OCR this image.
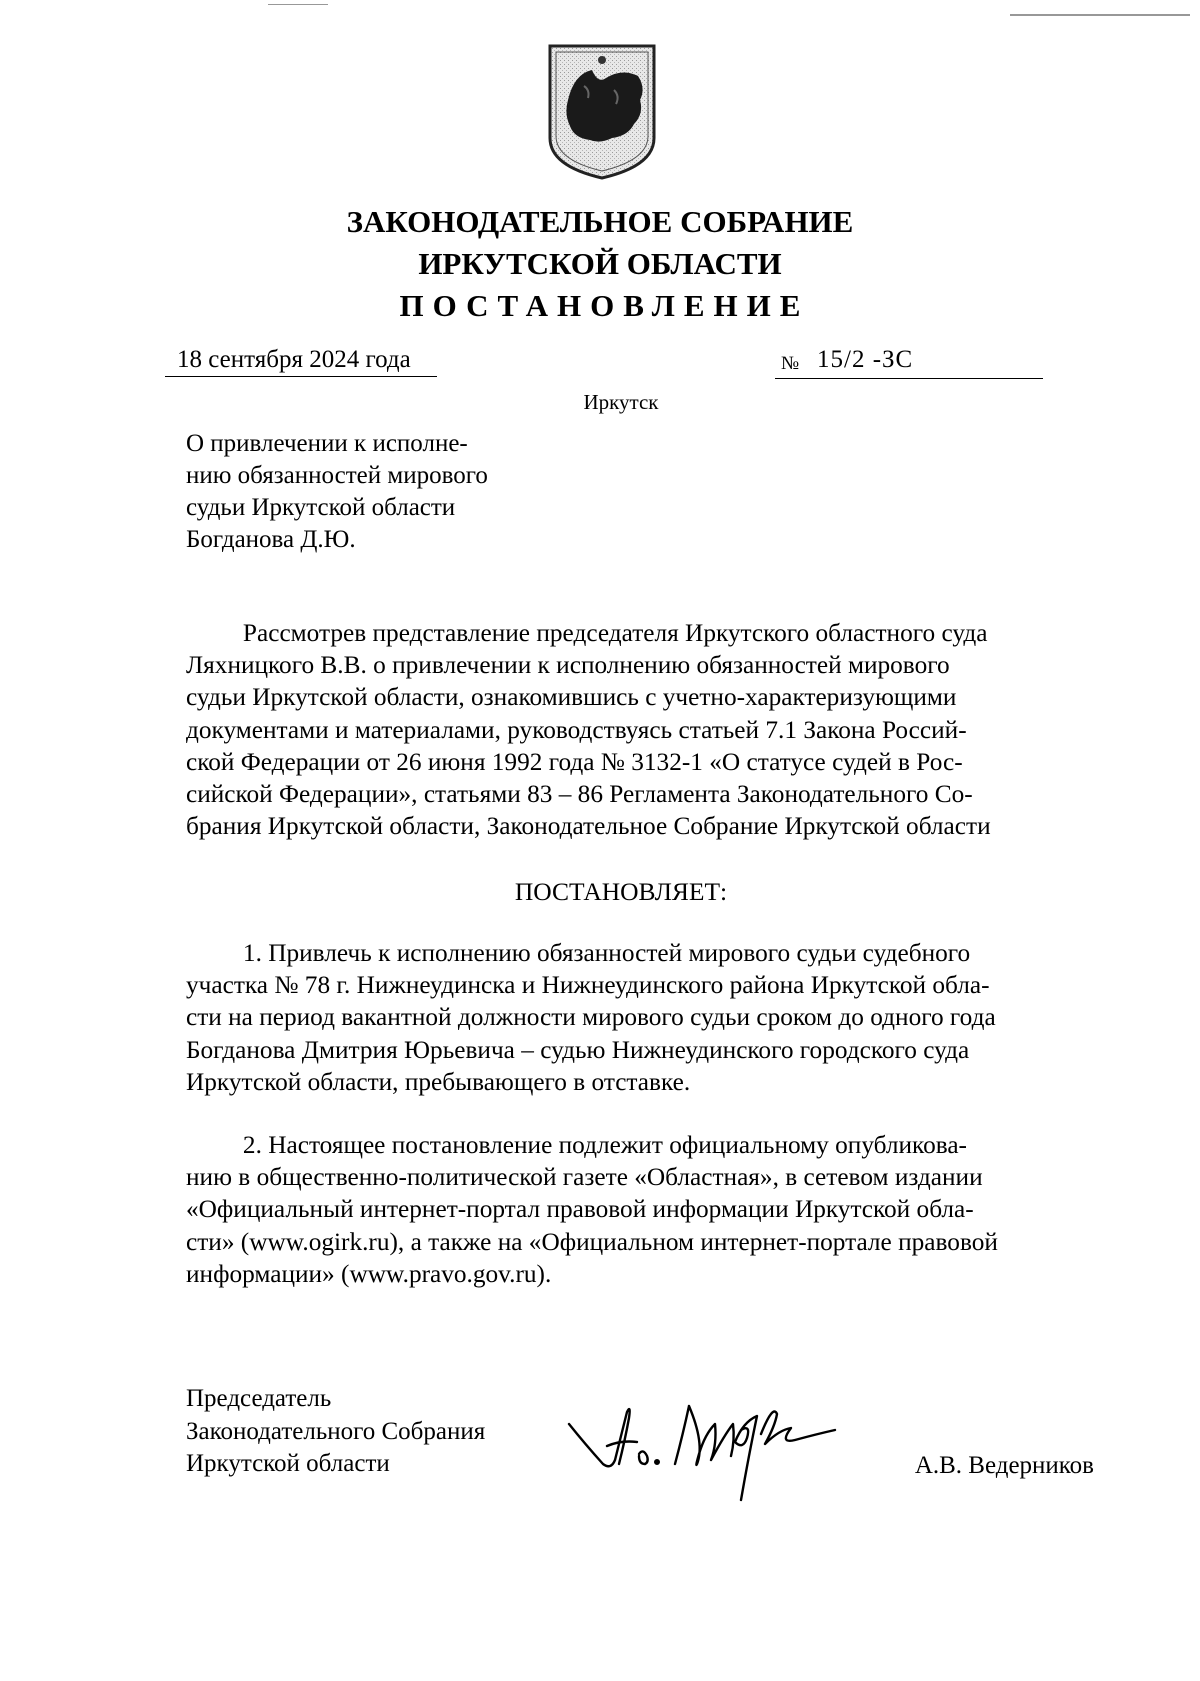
ЗАКОНОДАТЕЛЬНОЕ СОБРАНИЕ
ИРКУТСКОЙ ОБЛАСТИ
ПОСТАНОВЛЕНИЕ
18 сентября 2024 года	№ 15/2 -ЗС
Иркутск
О привлечении к исполне-
нию обязанностей мирового
судьи Иркутской области
Богданова Д.Ю.
   Рассмотрев представление председателя Иркутского областного суда
Ляхницкого В.В. о привлечении к исполнению обязанностей мирового
судьи Иркутской области, ознакомившись с учетно-характеризующими
документами и материалами, руководствуясь статьей 7.1 Закона Россий-
ской Федерации от 26 июня 1992 года № 3132-1 «О статусе судей в Рос-
сийской Федерации», статьями 83 – 86 Регламента Законодательного Со-
брания Иркутской области, Законодательное Собрание Иркутской области
ПОСТАНОВЛЯЕТ:
   1. Привлечь к исполнению обязанностей мирового судьи судебного
участка № 78 г. Нижнеудинска и Нижнеудинского района Иркутской обла-
сти на период вакантной должности мирового судьи сроком до одного года
Богданова Дмитрия Юрьевича – судью Нижнеудинского городского суда
Иркутской области, пребывающего в отставке.
   2. Настоящее постановление подлежит официальному опубликова-
нию в общественно-политической газете «Областная», в сетевом издании
«Официальный интернет-портал правовой информации Иркутской обла-
сти» (www.ogirk.ru), а также на «Официальном интернет-портале правовой
информации» (www.pravo.gov.ru).
Председатель
Законодательного Собрания
Иркутской области	А.В. Ведерников
